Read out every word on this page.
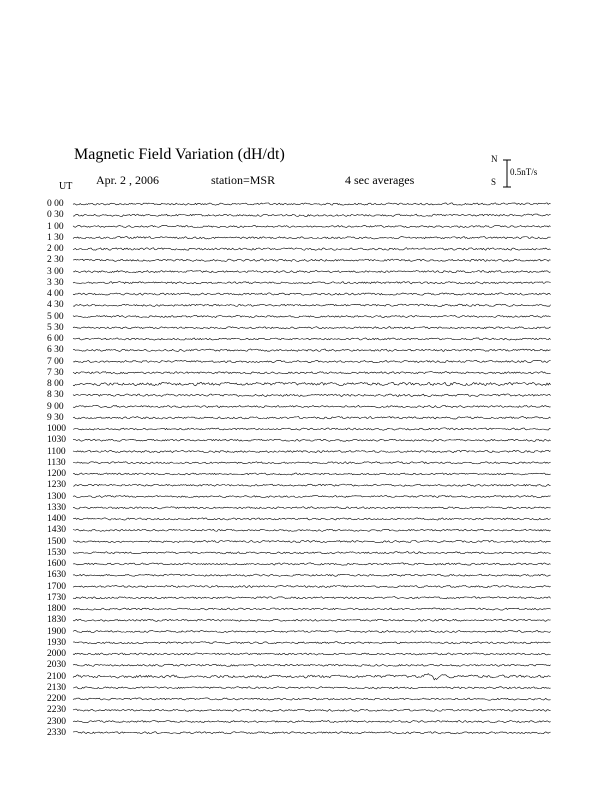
Magnetic Field Variation (dH/dt)
Apr. 2 , 2006	station=MSR	4 sec averages
UT
N
S
0.5nT/s
0 00
0 30
1 00
1 30
2 00
2 30
3 00
3 30
4 00
4 30
5 00
5 30
6 00
6 30
7 00
7 30
8 00
8 30
9 00
9 30
1000
1030
1100
1130
1200
1230
1300
1330
1400
1430
1500
1530
1600
1630
1700
1730
1800
1830
1900
1930
2000
2030
2100
2130
2200
2230
2300
2330
